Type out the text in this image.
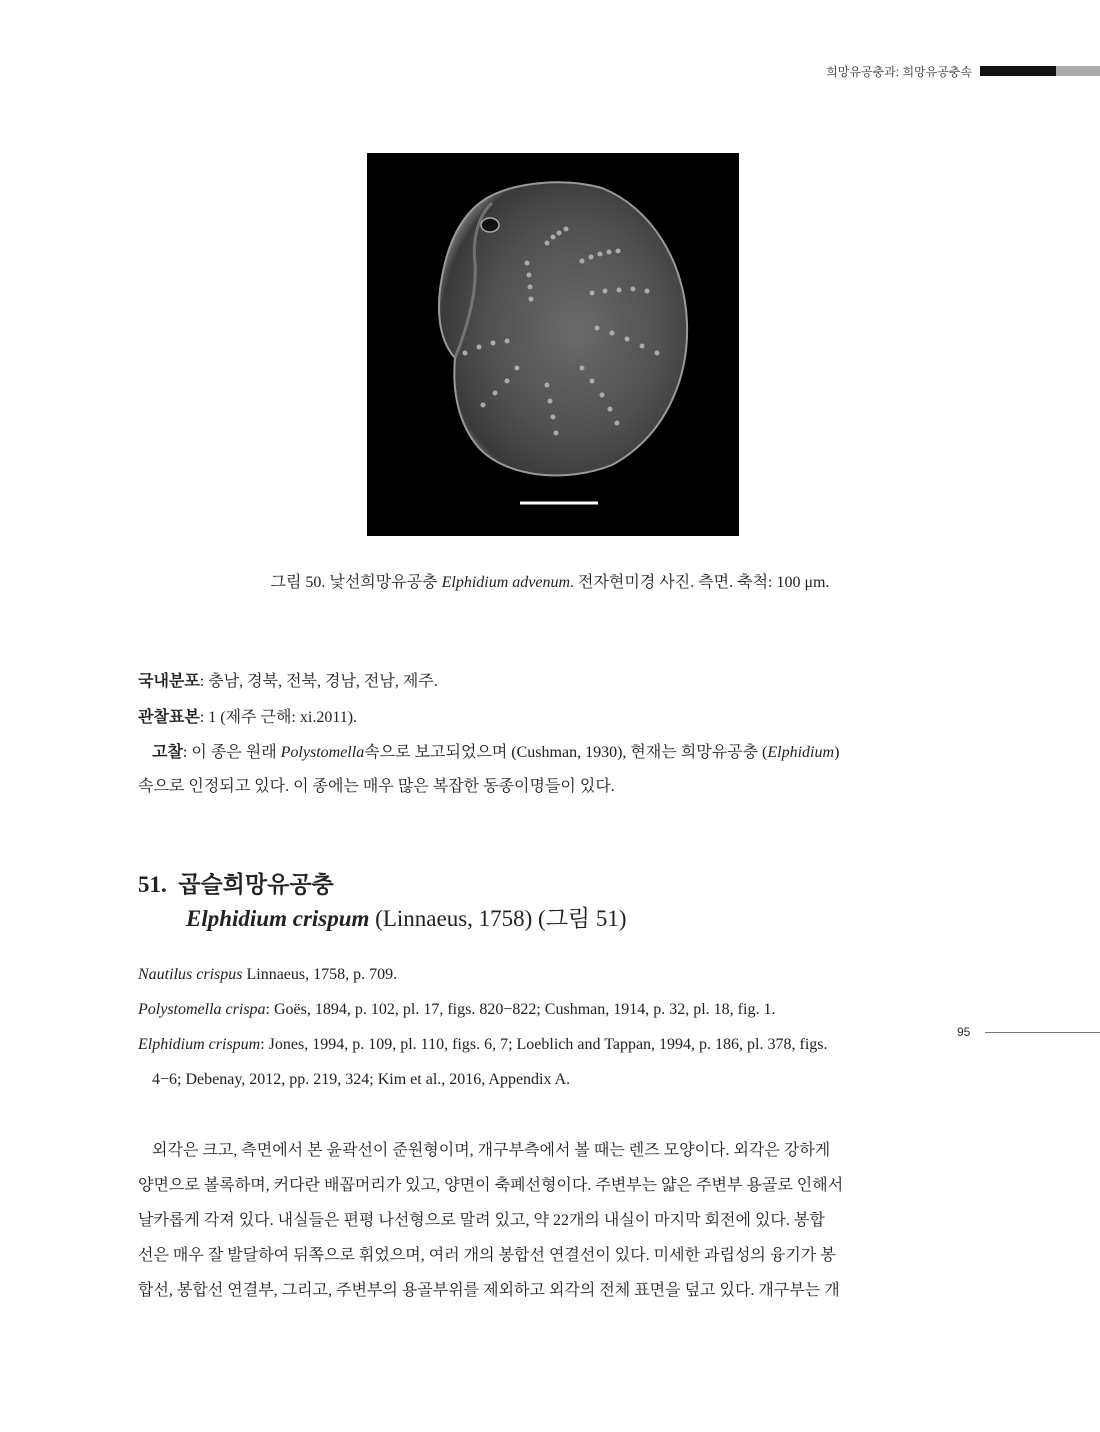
희망유공충과: 희망유공충속
그림 50. 낯선희망유공충 Elphidium advenum. 전자현미경 사진. 측면. 축척: 100 μm.
국내분포: 충남, 경북, 전북, 경남, 전남, 제주.
관찰표본: 1 (제주 근해: xi.2011).
고찰: 이 종은 원래 Polystomella속으로 보고되었으며 (Cushman, 1930), 현재는 희망유공충 (Elphidium)
속으로 인정되고 있다. 이 종에는 매우 많은 복잡한 동종이명들이 있다.
51. 곱슬희망유공충
Elphidium crispum (Linnaeus, 1758) (그림 51)
Nautilus crispus Linnaeus, 1758, p. 709.
Polystomella crispa: Goës, 1894, p. 102, pl. 17, figs. 820−822; Cushman, 1914, p. 32, pl. 18, fig. 1.
Elphidium crispum: Jones, 1994, p. 109, pl. 110, figs. 6, 7; Loeblich and Tappan, 1994, p. 186, pl. 378, figs.
4−6; Debenay, 2012, pp. 219, 324; Kim et al., 2016, Appendix A.
외각은 크고, 측면에서 본 윤곽선이 준원형이며, 개구부측에서 볼 때는 렌즈 모양이다. 외각은 강하게
양면으로 볼록하며, 커다란 배꼽머리가 있고, 양면이 축폐선형이다. 주변부는 얇은 주변부 용골로 인해서
날카롭게 각져 있다. 내실들은 편평 나선형으로 말려 있고, 약 22개의 내실이 마지막 회전에 있다. 봉합
선은 매우 잘 발달하여 뒤쪽으로 휘었으며, 여러 개의 봉합선 연결선이 있다. 미세한 과립성의 융기가 봉
합선, 봉합선 연결부, 그리고, 주변부의 용골부위를 제외하고 외각의 전체 표면을 덮고 있다. 개구부는 개
95
